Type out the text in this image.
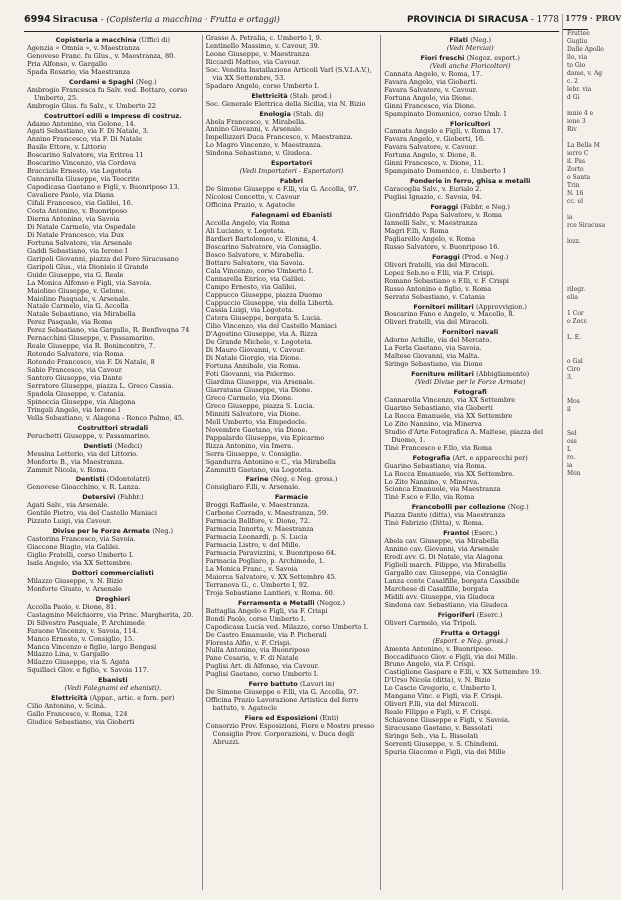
6994 Siracusa - (Copisteria a macchina · Frutta e ortaggi)	PROVINCIA DI SIRACUSA - 1778
Copisteria a macchina (Uffici di)
Agenzia « Omnia », v. Maestranza
Genovese Franc. fu Glus., v. Maestranza, 80.
Pria Alfonso, v. Gargallo
Spada Rosario, via Maestranza
Cordami e Spaghi (Neg.)
Ambrogio Francesca fu Salv. ved. Bottaro, corso Umberto, 25.
Ambrogio Glus. fu Salv., v. Umberto 22
Costruttori edili e Imprese di costruz.
Adamo Antonino, via Gelone, 14.
Agati Sebastiano, via F. Di Natale, 3.
Annino Francesco, via F. Di Natale
Basile Ettore, v. Littorio
Boscarino Salvatore, via Eritrea 11
Boscarino Vincenzo, via Cordova
Bracciale Ernesto, via Logoteta
Cannarella Giuseppe, via Teocrito
Capodicasa Gaetano e Figli, v. Buonriposo 13.
Cavaliere Paolo, via Diana
Cifali Francesco, via Galilei, 16.
Costa Antonino, v. Buonriposo
Dierna Antonino, via Savoia
Di Natale Carmelo, via Ospedale
Di Natale Francesco, via Dux
Fortuna Salvatore, via Arsenale
Gaddi Sebastiano, via Ierone I
Garipoli Giovanni, piazza del Foro Siracusano
Garipoli Glus., via Dionisio il Grande
Guido Giuseppe, via G. Reale
La Monica Alfonso e Figli, via Savoia.
Maiolino Giuseppe, v. Gelone.
Maiolino Pasquale, v. Arsenale.
Natale Carmelo, via G. Accolla
Natale Sebastiano, via Mirabella
Perez Pasquale, via Roma
Perez Sebastiano, via Gargallo, R. Benfiveqna 74
Pernacchini Giuseppe, v. Passamarino.
Reale Giuseppe, via R. Bonincontro, 7.
Rotondo Salvatore, via Roma
Rotondo Francesco, via F. Di Natale, 8
Sabio Francesco, via Cavour
Santoro Giuseppe, via Dante
Serratore Giuseppe, piazza L. Greco Cassia.
Spadola Giuseppe, v. Catania.
Spinoccia Giuseppe, via Alagona
Tringali Angelo, via Ierone I
Vella Sebastiano, v. Alagona - Ronco Palmo, 45.
Costruttori stradali
Peruchetti Giuseppe, v. Passamarino.
Dentisti (Medici)
Messina Letterio, via del Littorio.
Monforte B., via Maestranza.
Zammit Nicola, v. Roma.
Dentisti (Odontolatri)
Genovese Gioacchino, v. R. Lanza.
Detersivi (Fabbr.)
Agati Salv., via Arsenale.
Gentile Pietro, via del Castello Maniaci
Pizzuto Luigi, via Cavour.
Divise per le Forze Armate (Neg.)
Castorina Francesco, via Savoia.
Giaccone Biagio, via Galilei.
Giglio Fratelli, corso Umberto I.
Isala Angelo, via XX Settembre.
Dottori commercialisti
Milazzo Giuseppe, v. N. Bizio
Monforte Giusto, v. Arsenale
Droghieri
Accolla Paolo, v. Dione, 81.
Castagnino Melchiorre, via Princ. Margherita, 20.
Di Silvestro Pasquale, P. Archimede
Faraone Vincenzo, v. Savoia, 114.
Manco Ernesto, v. Consiglio, 15.
Manca Vincenzo e figlio, largo Bengasi
Milazzo Lina, v. Gargallo
Milazzo Giuseppe, via S. Agata
Squillaci Glov. e figlio, v. Savoia 117.
Ebanisti
(Vedi Falegnami ed ebanisti).
Elettricità (Appar., artic. e forn. per)
Cilio Antonino, v. Scinà.
Gallo Francesco, v. Roma, 124
Giudice Sebastiano, via Gioberti
Grasso A. Petralia, c. Umberto I, 9.
Lentinello Massimo, v. Cavour, 39.
Leone Giuseppe, v. Maestranza
Riccardi Matteo, via Cavour.
Soc. Vendita Installazione Articoli Varî (S.V.I.A.V.), via XX Settembre, 53.
Spadaro Angelo, corso Umberto I.
Elettricità (Stab. prod.)
Soc. Generale Elettrica della Sicilia, via N. Bizio
Enologia (Stab. di)
Abela Francesco, v. Mirabella.
Annino Giovanni, v. Arsenale.
Impellizzeri Duca Francesco, v. Maestranza.
Lo Magro Vincenzo, v. Maestranza.
Sindona Sebastiano, v. Giudeca.
Esportatori
(Vedi Importatori - Esportatori)
Fabbri
De Simone Giuseppe e F.lli, via G. Accolla, 97.
Nicolosi Concetto, v. Cavour
Officina Prazio, v. Agatocle
Falegnami ed Ebanisti
Accolla Angelo, via Roma
Ali Luciano, v. Logoteta.
Bardieri Bartolomeo, v. Elonna, 4.
Boscarino Salvatore, via Consiglio.
Bosco Salvatore, v. Mirabella.
Bottaro Salvatore, via Savoia.
Cala Vincenzo, corso Umberto I.
Cannarella Enrico, via Galilei.
Campo Ernesto, via Galilei.
Cappucco Giuseppe, piazza Duomo
Cappuccio Giuseppe, via della Libertà.
Cassia Luigi, via Logoteta.
Catera Giuseppe, borgata S. Lucia.
Cilio Vincenzo, via del Castello Maniaci
D'Agostino Giuseppe, via A. Rizza
De Grande Michele, v. Logoteta.
Di Mauro Giovanni, v. Cavour.
Di Natale Giorgio, via Dione.
Fortuna Annibale, via Roma.
Foti Giovanni, via Palermo.
Giardina Giuseppe, via Arsenale.
Giarratana Giuseppe, via Dione.
Greco Carmelo, via Dione.
Greco Giuseppe, piazza S. Lucia.
Minniti Salvatore, via Dione.
Mell Umberto, via Empedocle.
Novembre Gaetano, via Dione.
Pappalardo Giuseppe, via Epicarmo
Rizza Antonino, via Imera.
Serra Giuseppe, v. Consiglio.
Sgandurra Antonino e C., via Mirabella
Zammitti Gaetano, via Logoteta.
Farine (Neg. e Neg. gross.)
Consigliaro F.lli, v. Arsenale.
Farmacie
Broggi Raffaele, v. Maestranza.
Carbone Corrado, v. Maestranza, 59.
Farmacia Bellfore, v. Dione, 72.
Farmacia Innorta, v. Maestranza
Farmacia Leonardi, p. S. Lucia
Farmacia Listro, v. del Mille.
Farmacia Paravizzini, v. Buonriposo 64.
Farmacia Pogliaro, p. Archimede, 1.
La Monica Franc., v. Savoia
Maiorca Salvatore, v. XX Settembre 45.
Terranova G., c. Umberto I, 92.
Troja Sebastiano Lantieri, v. Roma. 60.
Ferramenta e Metalli (Negoz.)
Battaglia Angelo e Figli, via F. Crispi
Bondi Paolo, corso Umberto I.
Capodicasa Lucia ved. Milazzo, corso Umberto I.
De Castro Emanuele, via P. Picherali
Floresta Alfio, v. F. Crispi.
Nulla Antonino, via Buonriposo
Pane Cesaria, v. F. di Natale
Puglisi Art. di Alfonso, via Cavour.
Puglisi Gaetano, corso Umberto I.
Ferro battuto (Lavori in)
De Simone Giuseppe e F.lli, via G. Accolla, 97.
Officina Prazio Lavorazione Artistica del ferro battuto, v. Agatocle
Fiere ed Esposizioni (Enti)
Consorzio Prov. Esposizioni, Fiere e Mostre presso Consiglio Prov. Corporazioni, v. Duca degli Abruzzi.
Filati (Neg.)
(Vedi Merciai)
Fiori freschi (Negoz. esport.)
(Vedi anche Floricoltori)
Cannata Angelo, v. Roma, 17.
Favara Angelo, via Gioberti.
Favara Salvatore, v. Cavour.
Fortuna Angelo, via Dione.
Ginni Francesco, via Dione.
Spampinato Domenico, corso Umb. I
Floricultori
Cannata Angelo e Figli, v. Roma 17.
Favara Angelo, v. Gioberti, 16.
Favara Salvatore, v. Cavour.
Fortuna Angelo, v. Dione, 8.
Ginni Francesco, v. Dione, 11.
Spampinato Domenico, c. Umberto I
Fonderie in ferro, ghisa e metalli
Caracoglia Salv., v. Eurialo 2.
Puglisi Ignazio, c. Savoia, 94.
Foraggi (Fabbr. e Neg.)
Gionfriddo Papa Salvatore, v. Roma
Iannelli Salv., v. Maestranza
Magri F.lli, v. Roma
Pagliarello Angelo, v. Roma
Russo Salvatore, v. Buonriposo 16.
Foraggi (Prod. e Neg.)
Oliveri fratelli, via del Miracoli.
Lopez Seb.no e F.lli, via F. Crispi.
Romano Sebastiano e F.lli, v. F. Crispi
Russo Antonino e figlio, v. Roma
Serrato Sebastiano, v. Catania
Fornitori militari (Approvvigion.)
Boscarino Fano e Angelo, v. Macello, 8.
Oliveri fratelli, via del Miracoli.
Fornitori navali
Adorno Achille, via del Mercato.
La Ferla Gaetano, via Savoia.
Maltese Giovanni, via Malta.
Siringo Sebastiano, via Dione
Forniture militari (Abbigliamento)
(Vedi Divise per le Forze Armate)
Fotografi
Cannarella Vincenzo, via XX Settembre
Guarino Sebastiano, via Gioberti
La Rocca Emanuele, via XX Settembre
Lo Zito Nannino, via Minerva
Studio d'Arte Fotografica A. Maltese, piazza del Duomo, 1.
Tinè Francesco e F.llo, via Roma
Fotografia (Art. e apparecchi per)
Guarino Sebastiano, via Roma.
La Rocca Emanuele, via XX Settembre.
Lo Zito Nannino, v. Minerva.
Scionca Emanuele, via Maestranza
Tinè F.sco e F.llo, via Roma
Francobolli per collezione (Neg.)
Piazza Dante (ditta), via Maestranza
Tinè Fabrizio (Ditta), v. Roma.
Frantoi (Eserc.)
Abela cav. Giuseppe, via Mirabella
Annino cav. Giovanni, via Arsenale
Eredi avv. G. Di Natale, via Alagona
Figlioli march. Filippo, via Mirabella
Gargallo cav. Giuseppe, via Consiglio
Lanza conte Casalfille, borgata Cassibile
Marchese di Casalfille, borgata
Midili avv. Giuseppe, via Giudeca
Sindona cav. Sebastiano, via Giudeca
Frigoriferi (Eserc.)
Oliveri Carmelo, via Tripoli.
Frutta e Ortaggi
(Esport. e Neg. gross.)
Amenta Antonino, v. Buonriposo.
Boccadifuoco Giov. e Figli, via dei Mille.
Bruno Angelo, via F. Crispi.
Castiglione Gaspare e F.lli, v. XX Settembre 19.
D'Urso Nicola (ditta), v. N. Bizio
Lo Cascio Gregorio, c. Umberto I.
Mangano Vinc. e Figli, via F. Crispi.
Oliveri F.lli, via del Miracoli.
Reale Filippo e Figli, v. F. Crispi.
Schiavone Giuseppe e Figli, v. Savoia.
Siracusano Gaetano, v. Bassolati
Siringo Seb., via L. Bissolati
Sorrenti Giuseppe, v. S. Chindemi.
Spuria Giacomo e Figli, via dei Mille
1779 · PROV
Fruttee
Gugliu
Dalle Apollo
llo, via
to Gio
dame, v. Ag
c. 2
lebr. via
d Gi

mnie 4 e
ione 3
Riv

La Bella M
ierro C
il. Pas
Zorto
o Santa
Trin
N. 16
cc. el

ia
rce Siracusa

lozz.

rilegr.
elia

1 Cor
o Zecc

L. E.

o Gal
Ciro
3.

Mos
il

Sel
oss
L
ro.
ia
Mon
